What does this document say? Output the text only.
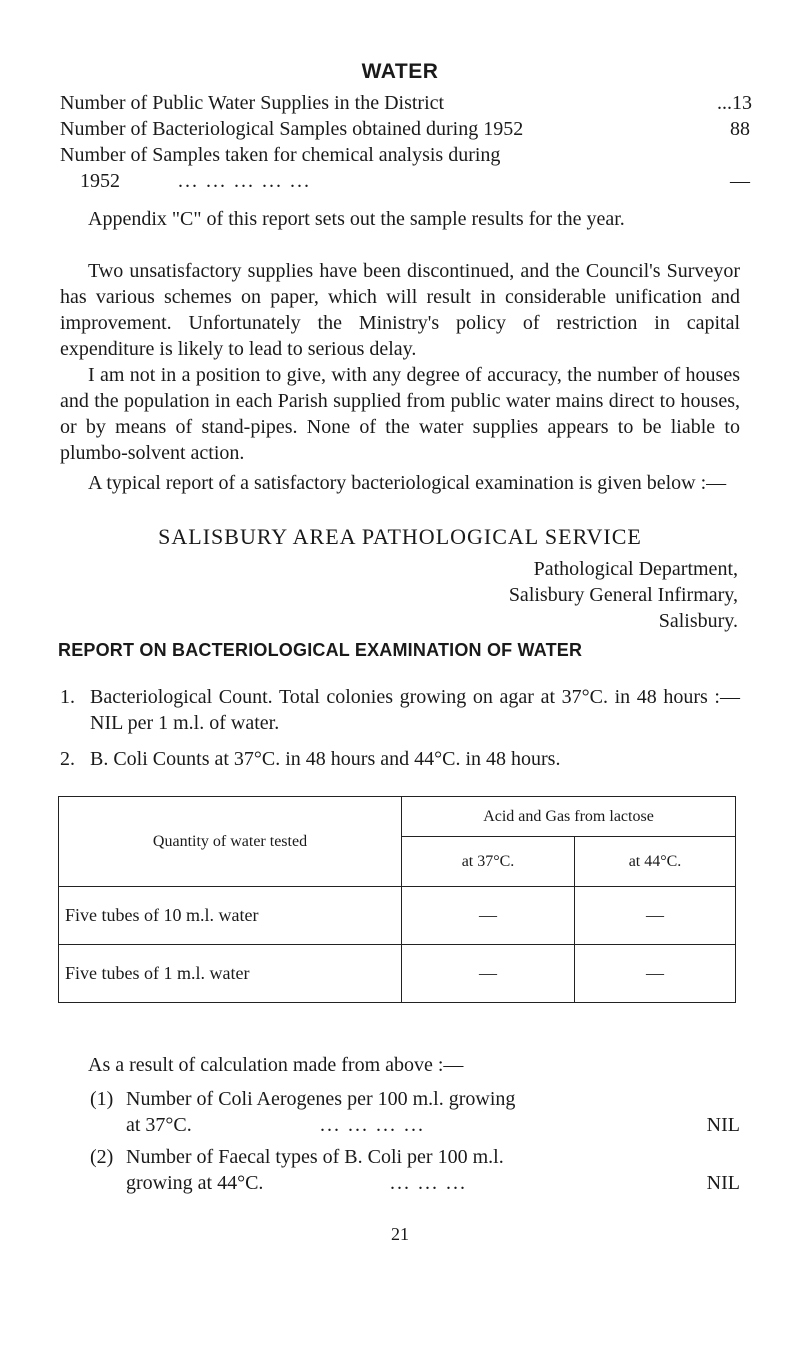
WATER
Number of Public Water Supplies in the District	... 13
Number of Bacteriological Samples obtained during 1952	88
Number of Samples taken for chemical analysis during
1952	... ... ... ... ...	—

Appendix "C" of this report sets out the sample results for the year.

Two unsatisfactory supplies have been discontinued, and the Council's Surveyor has various schemes on paper, which will result in considerable unification and improvement. Unfortunately the Ministry's policy of restriction in capital expenditure is likely to lead to serious delay.

I am not in a position to give, with any degree of accuracy, the number of houses and the population in each Parish supplied from public water mains direct to houses, or by means of stand-pipes. None of the water supplies appears to be liable to plumbo-solvent action.

A typical report of a satisfactory bacteriological examination is given below :—

SALISBURY AREA PATHOLOGICAL SERVICE
Pathological Department,
Salisbury General Infirmary,
Salisbury.
REPORT ON BACTERIOLOGICAL EXAMINATION OF WATER
1. Bacteriological Count. Total colonies growing on agar at 37°C. in 48 hours :—NIL per 1 m.l. of water.
2. B. Coli Counts at 37°C. in 48 hours and 44°C. in 48 hours.
Quantity of water tested	Acid and Gas from lactose	
	at 37°C.	at 44°C.
Five tubes of 10 m.l. water	—	—
Five tubes of 1 m.l. water	—	—
As a result of calculation made from above :—
(1) Number of Coli Aerogenes per 100 m.l. growing
at 37°C.	... ... ... ...	NIL
(2) Number of Faecal types of B. Coli per 100 m.l.
growing at 44°C.	... ... ...	NIL
21
